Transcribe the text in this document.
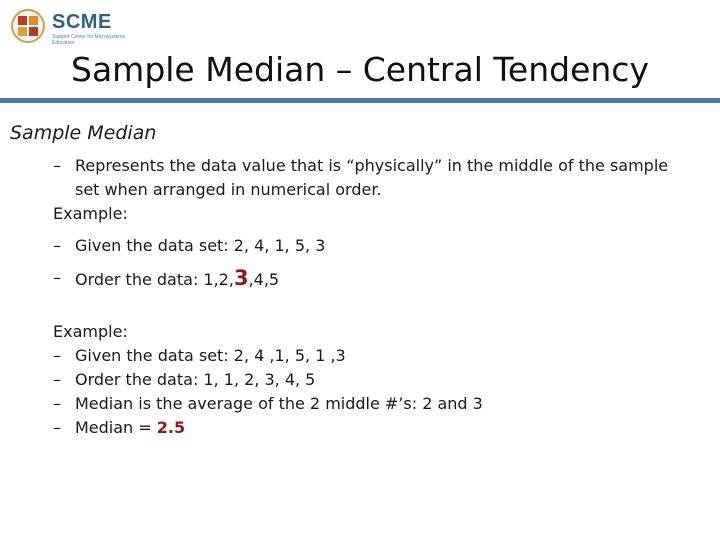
SCME
Support Center for Microsystems Education
Sample Median – Central Tendency
Sample Median
– Represents the data value that is “physically” in the middle of the sample set when arranged in numerical order.
Example:
– Given the data set: 2, 4, 1, 5, 3
– Order the data: 1,2,3,4,5
Example:
– Given the data set: 2, 4 ,1, 5, 1 ,3
– Order the data: 1, 1, 2, 3, 4, 5
– Median is the average of the 2 middle #’s: 2 and 3
– Median = 2.5
